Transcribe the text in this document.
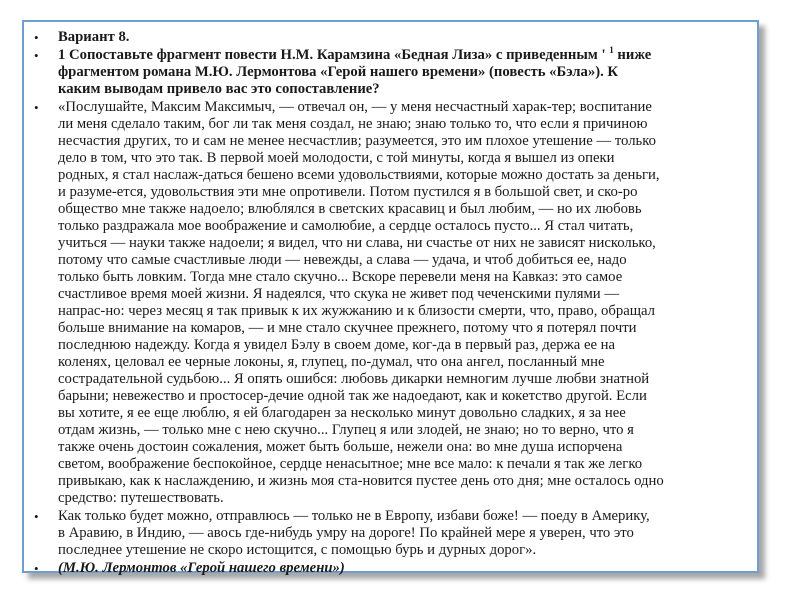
• Вариант 8.
• 1 Сопоставьте фрагмент повести Н.М. Карамзина «Бедная Лиза» с приведенным ' $^1$ ниже
фрагментом романа М.Ю. Лермонтова «Герой нашего времени» (повесть «Бэла»). К
каким выводам привело вас это сопоставление?
• «Послушайте, Максим Максимыч, — отвечал он, — у меня несчастный харак-тер; воспитание
ли меня сделало таким, бог ли так меня создал, не знаю; знаю только то, что если я причиною
несчастия других, то и сам не менее несчастлив; разумеется, это им плохое утешение — только
дело в том, что это так. В первой моей молодости, с той минуты, когда я вышел из опеки
родных, я стал наслаж-даться бешено всеми удовольствиями, которые можно достать за деньги,
и разуме-ется, удовольствия эти мне опротивели. Потом пустился я в большой свет, и ско-ро
общество мне также надоело; влюблялся в светских красавиц и был любим, — но их любовь
только раздражала мое воображение и самолюбие, а сердце осталось пусто... Я стал читать,
учиться — науки также надоели; я видел, что ни слава, ни счастье от них не зависят нисколько,
потому что самые счастливые люди — невежды, а слава — удача, и чтоб добиться ее, надо
только быть ловким. Тогда мне стало скучно... Вскоре перевели меня на Кавказ: это самое
счастливое время моей жизни. Я надеялся, что скука не живет под чеченскими пулями —
напрас-но: через месяц я так привык к их жужжанию и к близости смерти, что, право, обращал
больше внимание на комаров, — и мне стало скучнее прежнего, потому что я потерял почти
последнюю надежду. Когда я увидел Бэлу в своем доме, ког-да в первый раз, держа ее на
коленях, целовал ее черные локоны, я, глупец, по-думал, что она ангел, посланный мне
сострадательной судьбою... Я опять ошибся: любовь дикарки немногим лучше любви знатной
барыни; невежество и простосер-дечие одной так же надоедают, как и кокетство другой. Если
вы хотите, я ее еще люблю, я ей благодарен за несколько минут довольно сладких, я за нее
отдам жизнь, — только мне с нею скучно... Глупец я или злодей, не знаю; но то верно, что я
также очень достоин сожаления, может быть больше, нежели она: во мне душа испорчена
светом, воображение беспокойное, сердце ненасытное; мне все мало: к печали я так же легко
привыкаю, как к наслаждению, и жизнь моя ста-новится пустее день ото дня; мне осталось одно
средство: путешествовать.
• Как только будет можно, отправлюсь — только не в Европу, избави боже! — поеду в Америку,
в Аравию, в Индию, — авось где-нибудь умру на дороге! По крайней мере я уверен, что это
последнее утешение не скоро истощится, с помощью бурь и дурных дорог».
• (М.Ю. Лермонтов «Герой нашего времени»)
